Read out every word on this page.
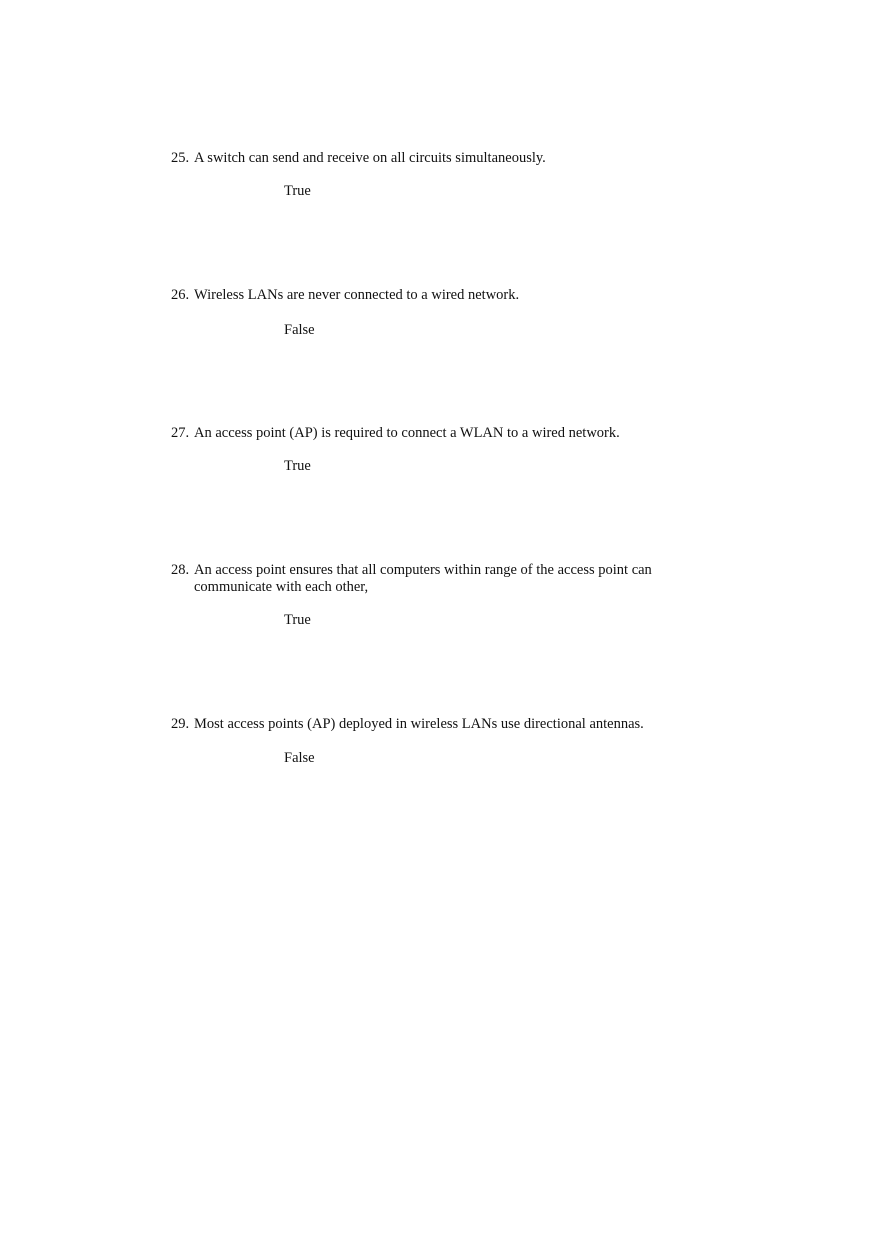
25. A switch can send and receive on all circuits simultaneously.
True
26. Wireless LANs are never connected to a wired network.
False
27. An access point (AP) is required to connect a WLAN to a wired network.
True
28. An access point ensures that all computers within range of the access point can communicate with each other,
True
29. Most access points (AP) deployed in wireless LANs use directional antennas.
False
